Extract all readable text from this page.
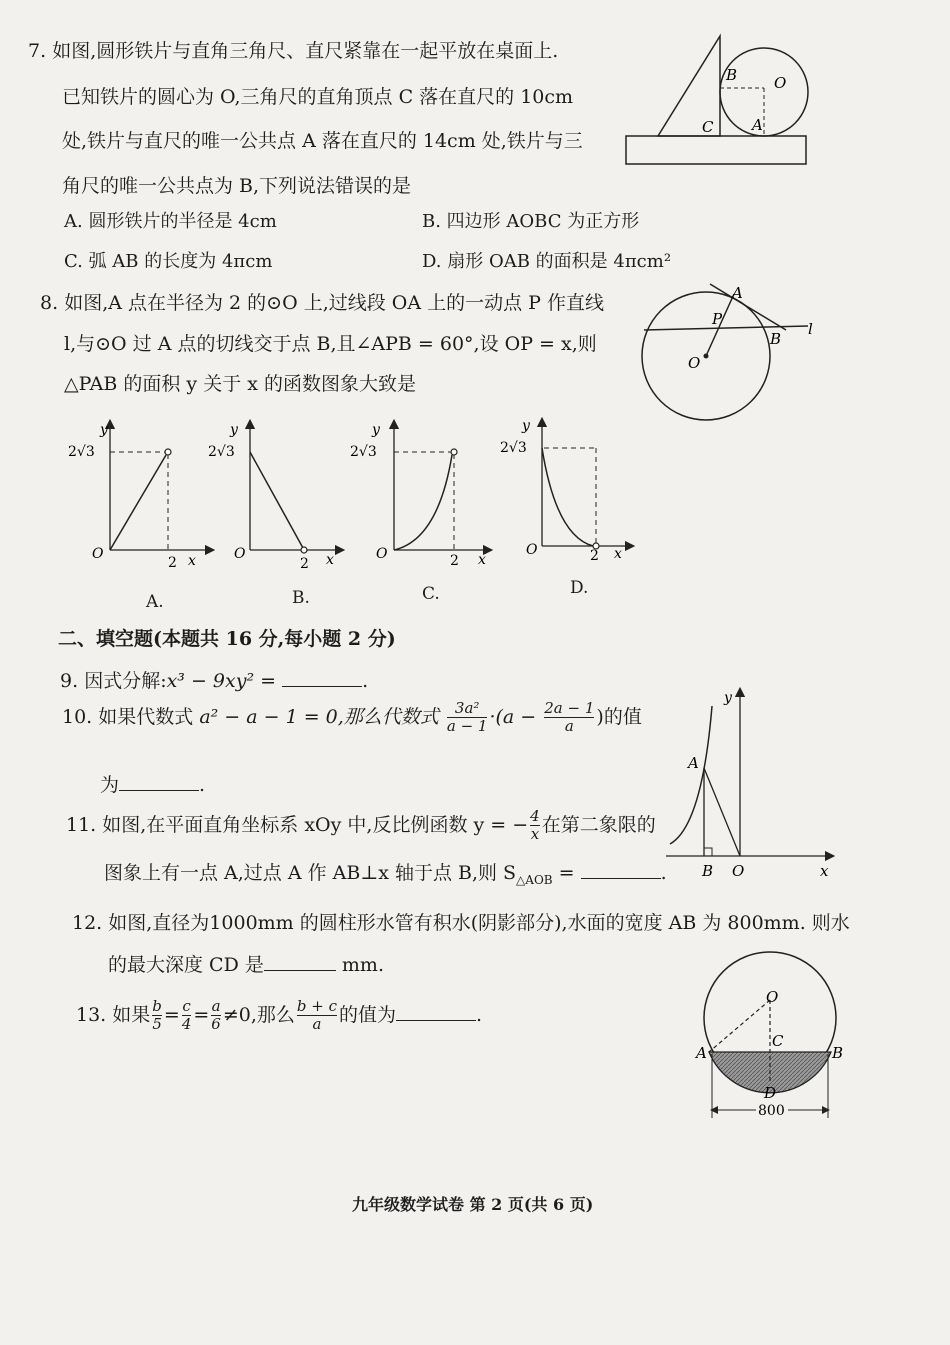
7. 如图,圆形铁片与直角三角尺、直尺紧靠在一起平放在桌面上.
已知铁片的圆心为 O,三角尺的直角顶点 C 落在直尺的 10cm
处,铁片与直尺的唯一公共点 A 落在直尺的 14cm 处,铁片与三
角尺的唯一公共点为 B,下列说法错误的是
A. 圆形铁片的半径是 4cm	B. 四边形 AOBC 为正方形
C. 弧 AB 的长度为 4πcm	D. 扇形 OAB 的面积是 4πcm²
B O
C	A
8. 如图,A 点在半径为 2 的⊙O 上,过线段 OA 上的一动点 P 作直线
l,与⊙O 过 A 点的切线交于点 B,且∠APB = 60°,设 OP = x,则
△PAB 的面积 y 关于 x 的函数图象大致是
A
P
B
l
O
y
2√3
O
2 x
y
2√3
O
2 x
y
2√3
O	2 x
y
2√3
O	2 x
A.	B.	C.	D.
二、填空题(本题共 16 分,每小题 2 分)
9. 因式分解:x³ − 9xy² =	.
10. 如果代数式 a² − a − 1 = 0,那么代数式 $\frac{\text{3a²}}{a - 1} \cdot(a - \frac{2a - 1}{a}$ )的值
为	.
11. 如图,在平面直角坐标系 xOy 中,反比例函数 y = − $\frac{4}{x}$ 在第二象限的
图象上有一点 A,过点 A 作 AB⊥x 轴于点 B,则 $S_{\triangle AOB}$ =	.
y
A
B O	x
12. 如图,直径为1000mm 的圆柱形水管有积水(阴影部分),水面的宽度 AB 为 800mm. 则水
的最大深度 CD 是	mm.
O
C
A	B
D
800
13. 如果 $\frac{b}{5} = \frac{c}{4} = \frac{a}{6} \ne 0$,那么 $\frac{b + c}{a}$ 的值为	.
九年级数学试卷 第 2 页(共 6 页)
